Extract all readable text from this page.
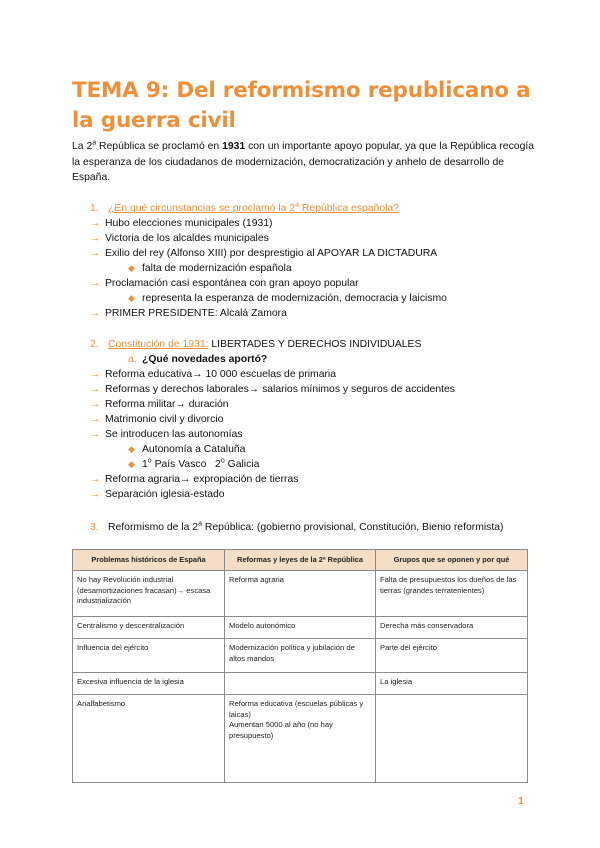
TEMA 9: Del reformismo republicano a la guerra civil

La 2$^a$ República se proclamó en 1931 con un importante apoyo popular, ya que la República recogía la esperanza de los ciudadanos de modernización, democratización y anhelo de desarrollo de España.

1. ¿En qué circunstancias se proclamó la 2$^a$ República española?
→ Hubo elecciones municipales (1931)
→ Victoria de los alcaldes municipales
→ Exilio del rey (Alfonso XIII) por desprestigio al APOYAR LA DICTADURA
◆ falta de modernización española
→ Proclamación casi espontánea con gran apoyo popular
◆ representa la esperanza de modernización, democracia y laicismo
→ PRIMER PRESIDENTE: Alcalá Zamora
2. Constitución de 1931: LIBERTADES Y DERECHOS INDIVIDUALES
a. ¿Qué novedades aportó?
→ Reforma educativa→ 10 000 escuelas de primaria
→ Reformas y derechos laborales→ salarios mínimos y seguros de accidentes
→ Reforma militar→ duración
→ Matrimonio civil y divorcio
→ Se introducen las autonomías
◆ Autonomía a Cataluña
◆ 1$^o$ País Vasco 2$^o$ Galicia
→ Reforma agraria→ expropiación de tierras
→ Separación iglesia-estado
3. Reformismo de la 2$^a$ República: (gobierno provisional, Constitución, Bienio reformista)
Problemas históricos de España	Reformas y leyes de la 2ª República	Grupos que se oponen y por qué
No hay Revolución industrial (desamortizaciones fracasan)→ escasa industrialización	Reforma agraria	Falta de presupuestos los dueños de las tierras (grandes terratenientes)
Centralismo y descentralización	Modelo autonómico	Derecha más conservadora
Influencia del ejército	Modernización política y jubilación de altos mandos	Parte del ejército
Excesiva influencia de la iglesia		La iglesia
Analfabetismo	Reforma educativa (escuelas públicas y laicas)
Aumentan 5000 al año (no hay presupuesto)	
1
